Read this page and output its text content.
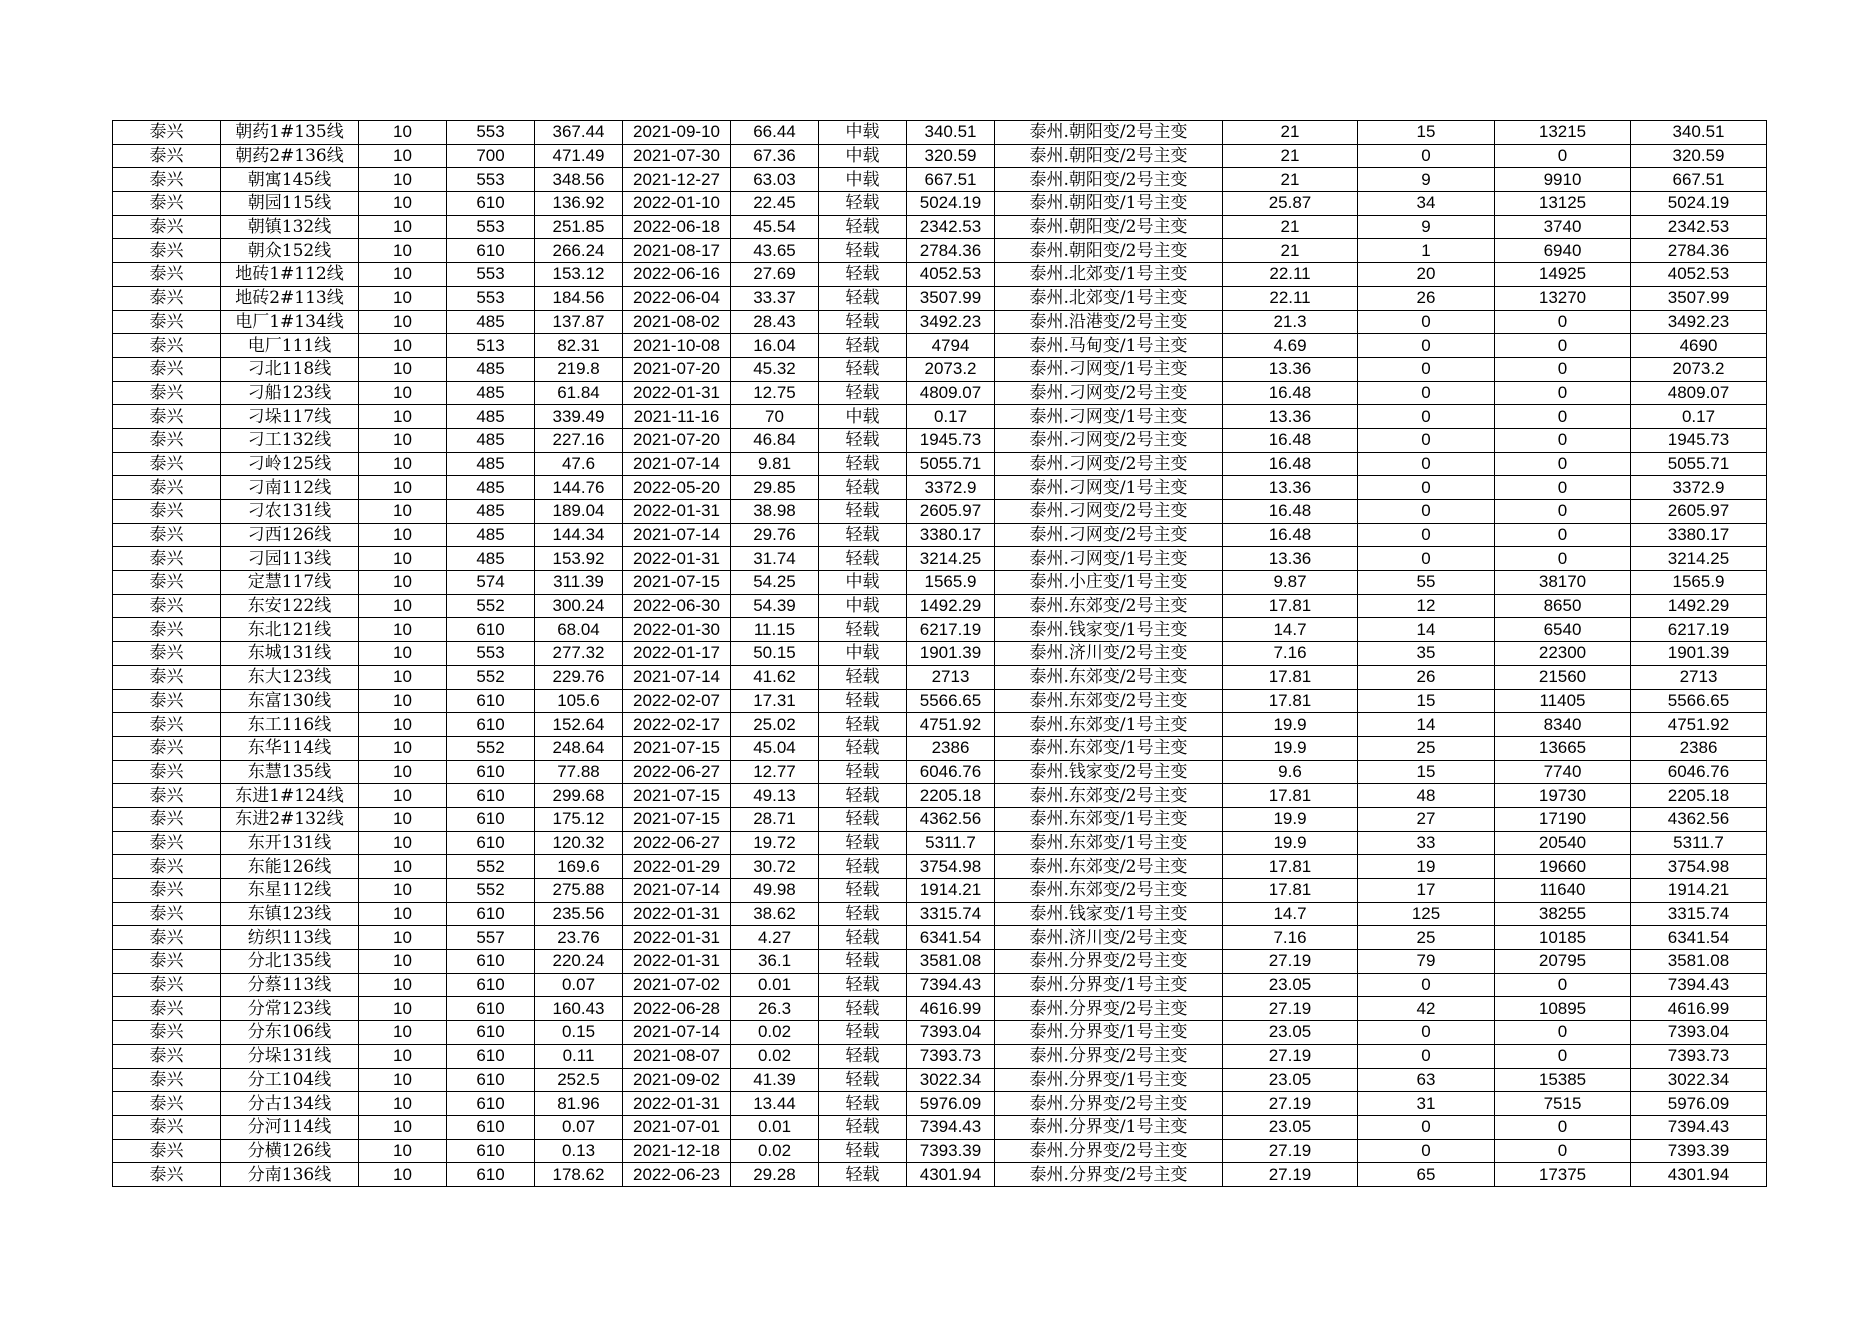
泰兴	朝药1#135线	10	553	367.44	2021-09-10	66.44	中载	340.51	泰州.朝阳变/2号主变	21	15	13215	340.51
泰兴	朝药2#136线	10	700	471.49	2021-07-30	67.36	中载	320.59	泰州.朝阳变/2号主变	21	0	0	320.59
泰兴	朝寓145线	10	553	348.56	2021-12-27	63.03	中载	667.51	泰州.朝阳变/2号主变	21	9	9910	667.51
泰兴	朝园115线	10	610	136.92	2022-01-10	22.45	轻载	5024.19	泰州.朝阳变/1号主变	25.87	34	13125	5024.19
泰兴	朝镇132线	10	553	251.85	2022-06-18	45.54	轻载	2342.53	泰州.朝阳变/2号主变	21	9	3740	2342.53
泰兴	朝众152线	10	610	266.24	2021-08-17	43.65	轻载	2784.36	泰州.朝阳变/2号主变	21	1	6940	2784.36
泰兴	地砖1#112线	10	553	153.12	2022-06-16	27.69	轻载	4052.53	泰州.北郊变/1号主变	22.11	20	14925	4052.53
泰兴	地砖2#113线	10	553	184.56	2022-06-04	33.37	轻载	3507.99	泰州.北郊变/1号主变	22.11	26	13270	3507.99
泰兴	电厂1#134线	10	485	137.87	2021-08-02	28.43	轻载	3492.23	泰州.沿港变/2号主变	21.3	0	0	3492.23
泰兴	电厂111线	10	513	82.31	2021-10-08	16.04	轻载	4794	泰州.马甸变/1号主变	4.69	0	0	4690
泰兴	刁北118线	10	485	219.8	2021-07-20	45.32	轻载	2073.2	泰州.刁网变/1号主变	13.36	0	0	2073.2
泰兴	刁船123线	10	485	61.84	2022-01-31	12.75	轻载	4809.07	泰州.刁网变/2号主变	16.48	0	0	4809.07
泰兴	刁垛117线	10	485	339.49	2021-11-16	70	中载	0.17	泰州.刁网变/1号主变	13.36	0	0	0.17
泰兴	刁工132线	10	485	227.16	2021-07-20	46.84	轻载	1945.73	泰州.刁网变/2号主变	16.48	0	0	1945.73
泰兴	刁岭125线	10	485	47.6	2021-07-14	9.81	轻载	5055.71	泰州.刁网变/2号主变	16.48	0	0	5055.71
泰兴	刁南112线	10	485	144.76	2022-05-20	29.85	轻载	3372.9	泰州.刁网变/1号主变	13.36	0	0	3372.9
泰兴	刁农131线	10	485	189.04	2022-01-31	38.98	轻载	2605.97	泰州.刁网变/2号主变	16.48	0	0	2605.97
泰兴	刁西126线	10	485	144.34	2021-07-14	29.76	轻载	3380.17	泰州.刁网变/2号主变	16.48	0	0	3380.17
泰兴	刁园113线	10	485	153.92	2022-01-31	31.74	轻载	3214.25	泰州.刁网变/1号主变	13.36	0	0	3214.25
泰兴	定慧117线	10	574	311.39	2021-07-15	54.25	中载	1565.9	泰州.小庄变/1号主变	9.87	55	38170	1565.9
泰兴	东安122线	10	552	300.24	2022-06-30	54.39	中载	1492.29	泰州.东郊变/2号主变	17.81	12	8650	1492.29
泰兴	东北121线	10	610	68.04	2022-01-30	11.15	轻载	6217.19	泰州.钱家变/1号主变	14.7	14	6540	6217.19
泰兴	东城131线	10	553	277.32	2022-01-17	50.15	中载	1901.39	泰州.济川变/2号主变	7.16	35	22300	1901.39
泰兴	东大123线	10	552	229.76	2021-07-14	41.62	轻载	2713	泰州.东郊变/2号主变	17.81	26	21560	2713
泰兴	东富130线	10	610	105.6	2022-02-07	17.31	轻载	5566.65	泰州.东郊变/2号主变	17.81	15	11405	5566.65
泰兴	东工116线	10	610	152.64	2022-02-17	25.02	轻载	4751.92	泰州.东郊变/1号主变	19.9	14	8340	4751.92
泰兴	东华114线	10	552	248.64	2021-07-15	45.04	轻载	2386	泰州.东郊变/1号主变	19.9	25	13665	2386
泰兴	东慧135线	10	610	77.88	2022-06-27	12.77	轻载	6046.76	泰州.钱家变/2号主变	9.6	15	7740	6046.76
泰兴	东进1#124线	10	610	299.68	2021-07-15	49.13	轻载	2205.18	泰州.东郊变/2号主变	17.81	48	19730	2205.18
泰兴	东进2#132线	10	610	175.12	2021-07-15	28.71	轻载	4362.56	泰州.东郊变/1号主变	19.9	27	17190	4362.56
泰兴	东开131线	10	610	120.32	2022-06-27	19.72	轻载	5311.7	泰州.东郊变/1号主变	19.9	33	20540	5311.7
泰兴	东能126线	10	552	169.6	2022-01-29	30.72	轻载	3754.98	泰州.东郊变/2号主变	17.81	19	19660	3754.98
泰兴	东星112线	10	552	275.88	2021-07-14	49.98	轻载	1914.21	泰州.东郊变/2号主变	17.81	17	11640	1914.21
泰兴	东镇123线	10	610	235.56	2022-01-31	38.62	轻载	3315.74	泰州.钱家变/1号主变	14.7	125	38255	3315.74
泰兴	纺织113线	10	557	23.76	2022-01-31	4.27	轻载	6341.54	泰州.济川变/2号主变	7.16	25	10185	6341.54
泰兴	分北135线	10	610	220.24	2022-01-31	36.1	轻载	3581.08	泰州.分界变/2号主变	27.19	79	20795	3581.08
泰兴	分蔡113线	10	610	0.07	2021-07-02	0.01	轻载	7394.43	泰州.分界变/1号主变	23.05	0	0	7394.43
泰兴	分常123线	10	610	160.43	2022-06-28	26.3	轻载	4616.99	泰州.分界变/2号主变	27.19	42	10895	4616.99
泰兴	分东106线	10	610	0.15	2021-07-14	0.02	轻载	7393.04	泰州.分界变/1号主变	23.05	0	0	7393.04
泰兴	分垛131线	10	610	0.11	2021-08-07	0.02	轻载	7393.73	泰州.分界变/2号主变	27.19	0	0	7393.73
泰兴	分工104线	10	610	252.5	2021-09-02	41.39	轻载	3022.34	泰州.分界变/1号主变	23.05	63	15385	3022.34
泰兴	分古134线	10	610	81.96	2022-01-31	13.44	轻载	5976.09	泰州.分界变/2号主变	27.19	31	7515	5976.09
泰兴	分河114线	10	610	0.07	2021-07-01	0.01	轻载	7394.43	泰州.分界变/1号主变	23.05	0	0	7394.43
泰兴	分横126线	10	610	0.13	2021-12-18	0.02	轻载	7393.39	泰州.分界变/2号主变	27.19	0	0	7393.39
泰兴	分南136线	10	610	178.62	2022-06-23	29.28	轻载	4301.94	泰州.分界变/2号主变	27.19	65	17375	4301.94
